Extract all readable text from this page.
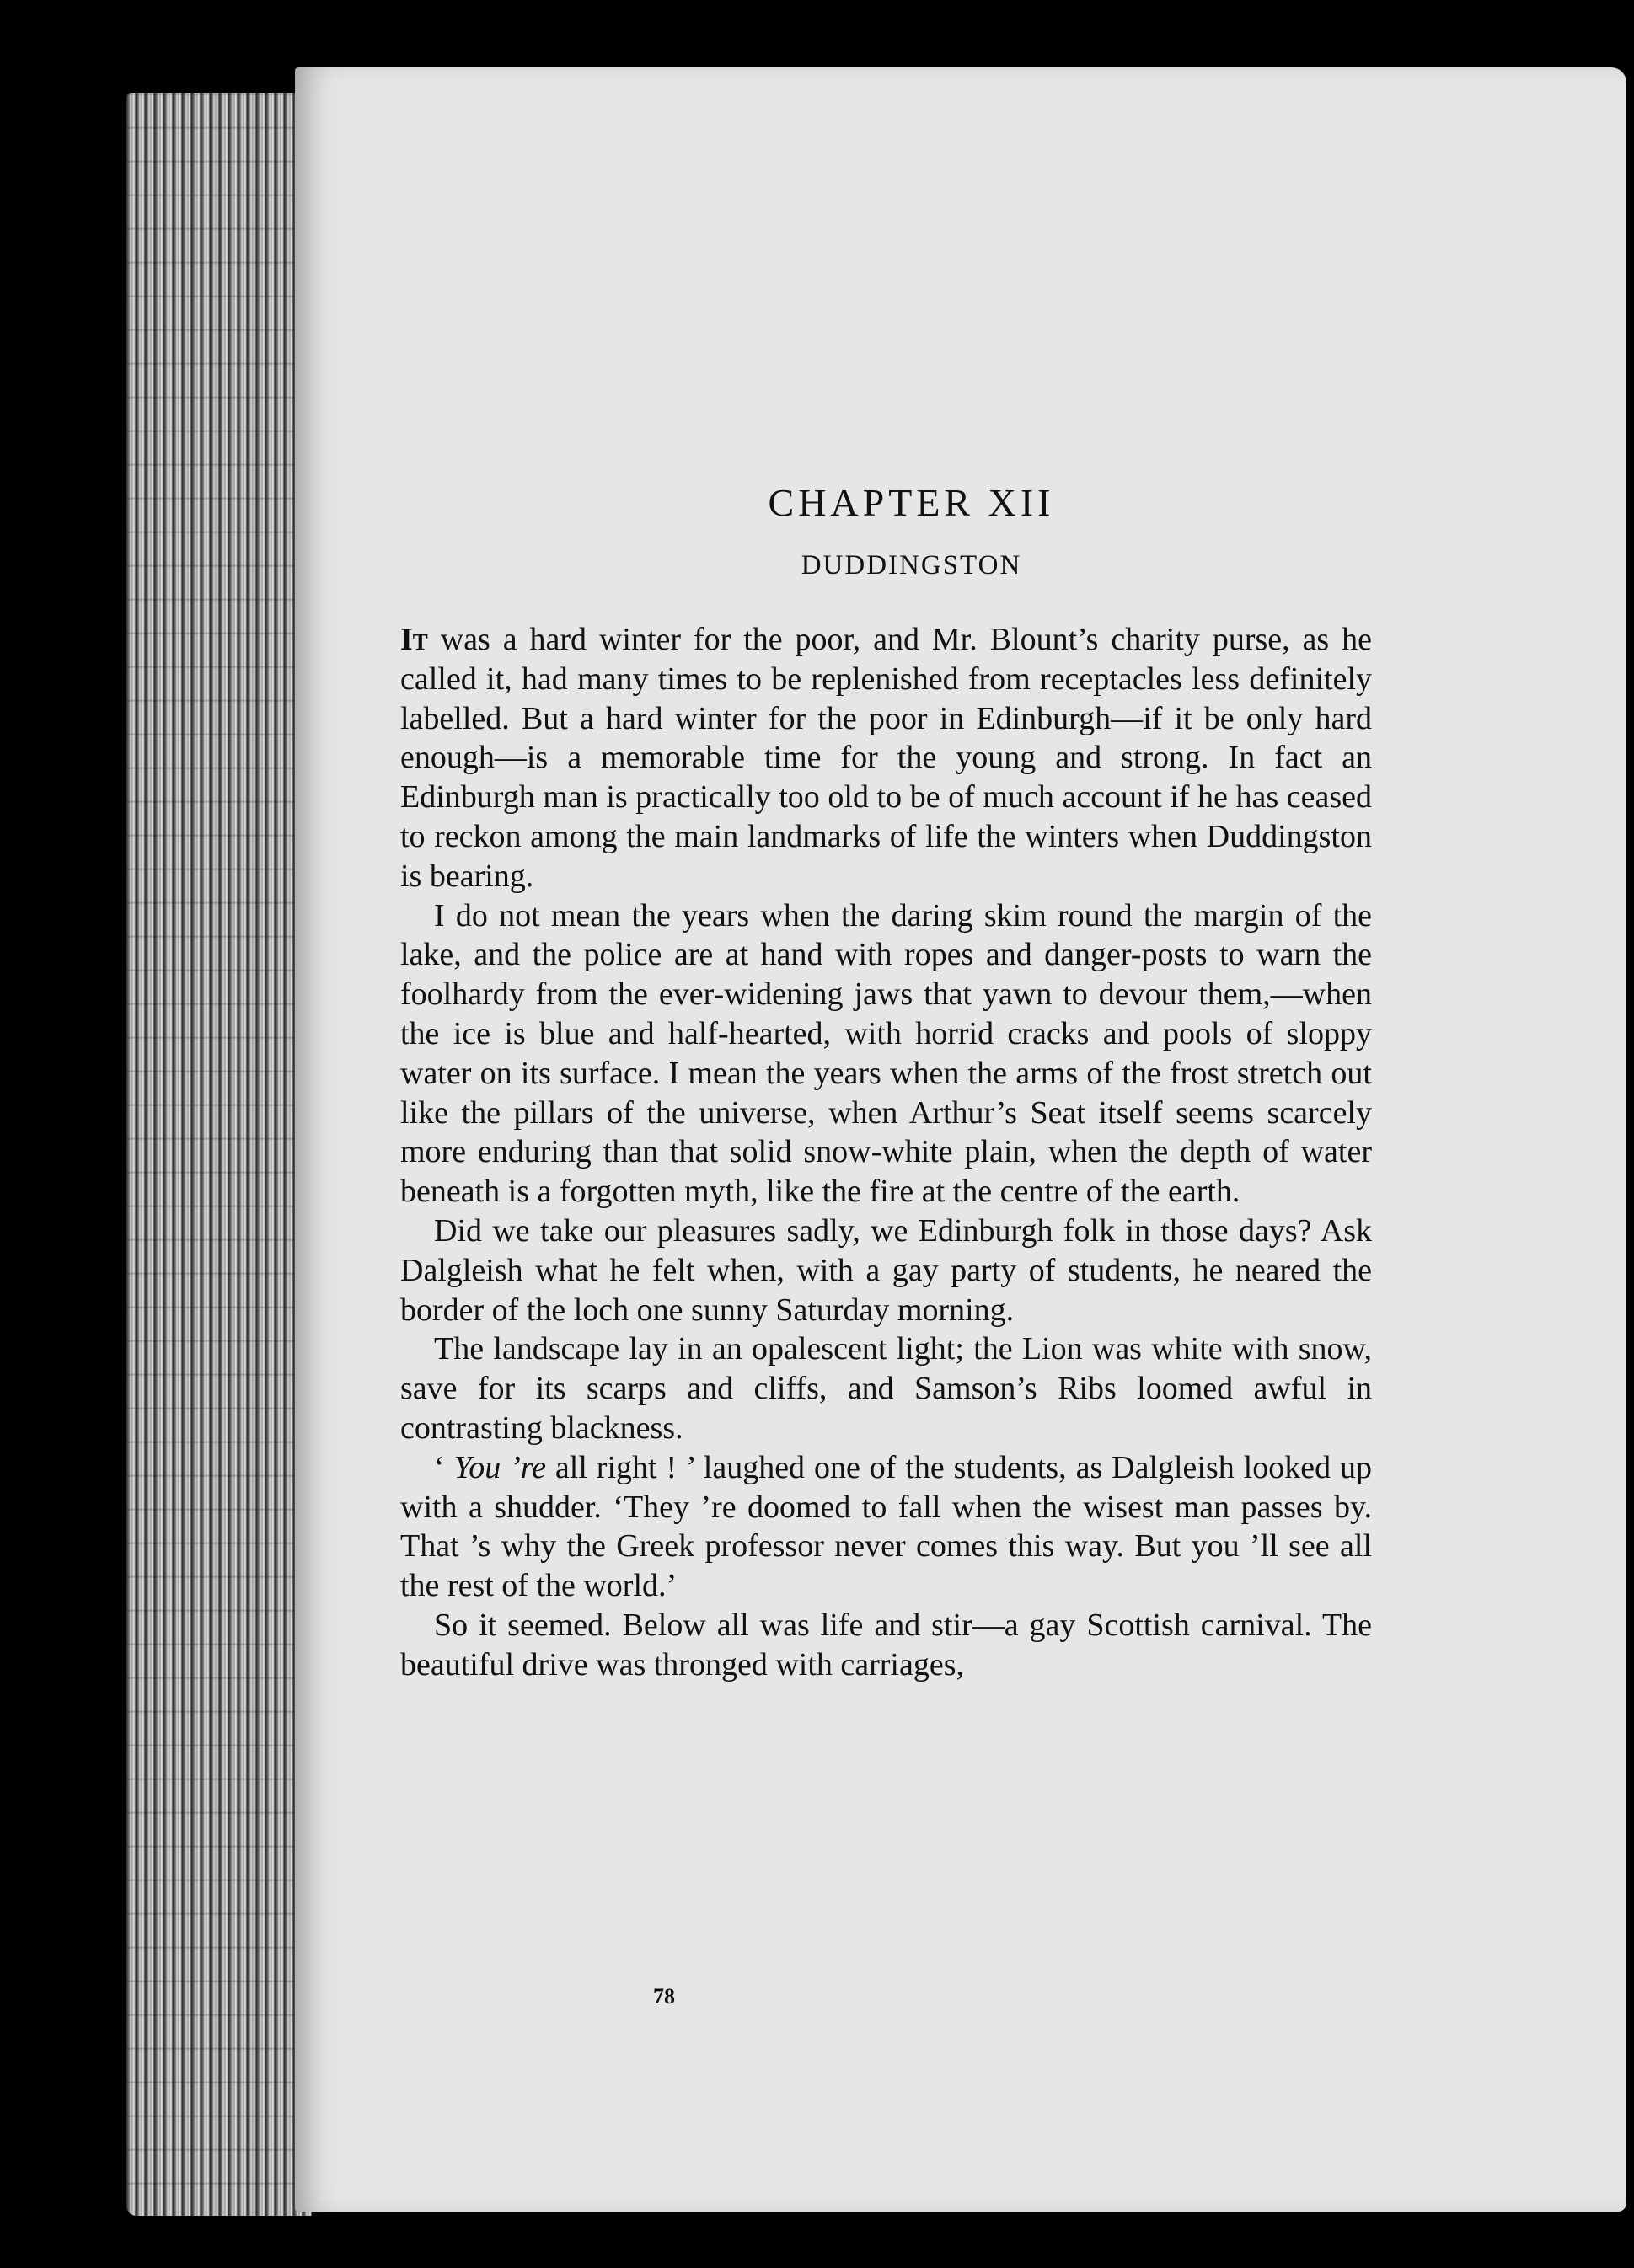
CHAPTER XII
DUDDINGSTON

It was a hard winter for the poor, and Mr. Blount’s charity purse, as he called it, had many times to be replenished from receptacles less definitely labelled. But a hard winter for the poor in Edinburgh—if it be only hard enough—is a memorable time for the young and strong. In fact an Edinburgh man is practically too old to be of much account if he has ceased to reckon among the main landmarks of life the winters when Duddingston is bearing.

I do not mean the years when the daring skim round the margin of the lake, and the police are at hand with ropes and danger-posts to warn the foolhardy from the ever-widening jaws that yawn to devour them,—when the ice is blue and half-hearted, with horrid cracks and pools of sloppy water on its surface. I mean the years when the arms of the frost stretch out like the pillars of the universe, when Arthur’s Seat itself seems scarcely more enduring than that solid snow-white plain, when the depth of water beneath is a forgotten myth, like the fire at the centre of the earth.

Did we take our pleasures sadly, we Edinburgh folk in those days? Ask Dalgleish what he felt when, with a gay party of students, he neared the border of the loch one sunny Saturday morning.

The landscape lay in an opalescent light; the Lion was white with snow, save for its scarps and cliffs, and Samson’s Ribs loomed awful in contrasting blackness.

‘ You ’re all right ! ’ laughed one of the students, as Dalgleish looked up with a shudder. ‘They ’re doomed to fall when the wisest man passes by. That ’s why the Greek professor never comes this way. But you ’ll see all the rest of the world.’

So it seemed. Below all was life and stir—a gay Scottish carnival. The beautiful drive was thronged with carriages,

78
